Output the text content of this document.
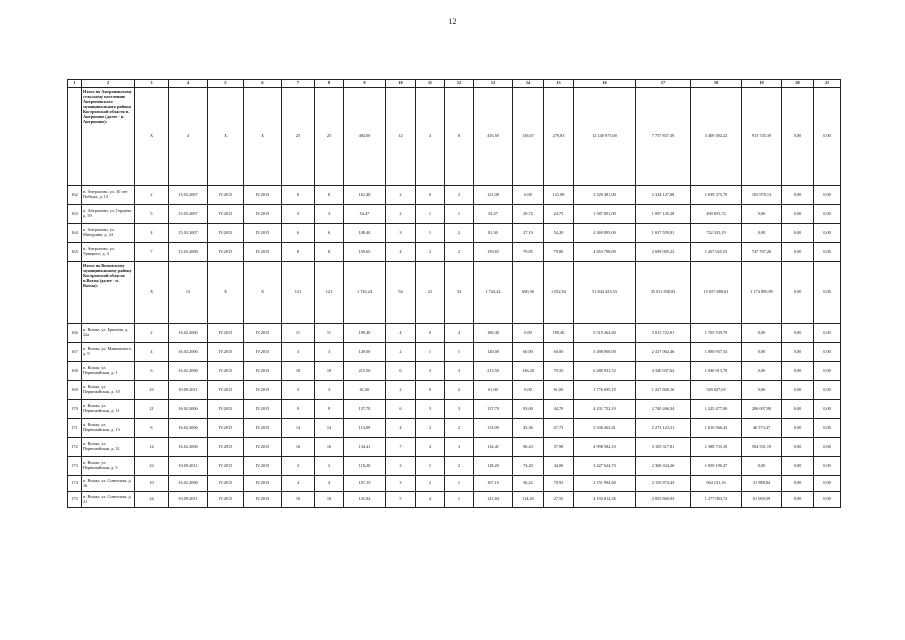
12
1	2	3	4	5	6	7	8	9	10	11	12	13	14	15	16	17	18	19	20	21
	Итого по Антроповскому сельскому поселению Антроповского муниципального района Костромской области п. Антропово (далее - п. Антропово):	X	4	X	X	25	25	484,00	12	4	8	416,50	136,67	279,83	12 140 975,00	7 757 837,39	3 469 392,22	913 745,39	0,00	0,00
162	п. Антропово, ул. 30 лет Победы, д. 13	2	15.03.2007	IV.2015	IV.2015	8	8	161,48	2	0	2	121,08	0,00	121,08	3 529 481,00	2 324 127,08	1 039 375,79	165 978,13	0,00	0,00
163	п. Антропово, ул. Герцена, д. 59	5	15.03.2007	IV.2015	IV.2015	3	3	54,47	2	1	1	54,47	29,72	24,75	1 587 801,00	1 097 145,28	490 655,72	0,00	0,00	0,00
164	п. Антропово, ул. Мичурина, д. 24	4	15.03.2007	IV.2015	IV.2015	6	6	108,40	3	1	2	81,30	27,10	54,20	2 369 895,00	1 637 559,81	732 335,19	0,00	0,00	0,00
165	п. Антропово, ул. Урицкого, д. 3	7	15.03.2008	IV.2015	IV.2015	8	8	159,65	4	2	2	159,65	79,85	79,80	4 653 798,00	2 699 005,22	1 207 025,52	747 767,26	0,00	0,00
	Итого по Вохомскому муниципальному району Костромской области п.Вохма (далее - п. Вохма):	X	13	X	X	121	121	1 743,24	54	21	33	1 743,24	690,30	1 052,94	51 844 423,33	35 011 838,83	15 657 688,61	1 174 895,89	0,00	0,00
166	п. Вохма, ул. Бригина, д. 22а	2	16.02.2006	IV.2015	IV.2015	11	11	189,40	4	0	4	189,40	0,00	189,40	5 519 262,60	3 813 722,81	1 705 539,79	0,00	0,00	0,00
167	п. Вохма, ул. Маяковского, д. 9	4	16.02.2006	IV.2015	IV.2015	3	3	120,00	2	1	1	120,00	60,00	60,00	3 498 000,00	2 417 062,46	1 080 937,54	0,00	0,00	0,00
168	п. Вохма, ул. Первомайская, д. 1	6	16.02.2006	IV.2015	IV.2015	18	18	215,50	6	3	3	215,50	136,20	79,35	6 280 931,52	4 340 037,62	1 940 913,70	0,00	0,00	0,00
169	п. Вохма, ул. Первомайская, д. 10	23	10.09.2011	IV.2015	IV.2015	3	3	61,00	2	0	2	61,00	0,00	61,00	1 776 695,19	1 227 668,16	549 027,03	0,00	0,00	0,00
170	п. Вохма, ул. Первомайская, д. 11	21	16.02.2006	IV.2015	IV.2015	9	9	137,70	6	3	3	137,70	93,00	44,70	4 231 752,19	2 740 266,34	1 225 477,06	286 007,80	0,00	0,00
171	п. Вохма, ул. Первомайская, д. 13	8	16.02.2006	IV.2015	IV.2015	14	14	113,09	4	2	2	113,09	45,36	67,73	3 336 263,41	2 273 123,51	1 016 566,43	46 573,47	0,00	0,00
172	п. Вохма, ул. Первомайская, д. 31	14	16.02.2006	IV.2015	IV.2015	16	16	134,41	7	4	3	134,41	96,43	57,98	4 998 582,10	3 105 317,81	1 388 733,10	504 531,19	0,00	0,00
173	п. Вохма, ул. Первомайская, д. 5	22	10.09.2011	IV.2015	IV.2015	3	3	118,20	3	1	2	118,20	74,20	44,00	3 427 624,73	2 368 434,26	1 059 190,47	0,00	0,00	0,00
174	п. Вохма, ул. Советская, д. 16	10	16.02.2006	IV.2015	IV.2015	4	4	107,15	3	2	1	107,15	36,22	70,93	3 151 994,60	2 155 874,43	964 131,33	31 988,84	0,00	0,00
175	п. Вохма, ул. Советская, д. 21	24	10.09.2011	IV.2015	IV.2015	16	16	141,84	5	4	1	141,84	114,29	27,55	4 193 814,26	2 855 660,93	1 277 083,74	61 069,59	0,00	0,00
